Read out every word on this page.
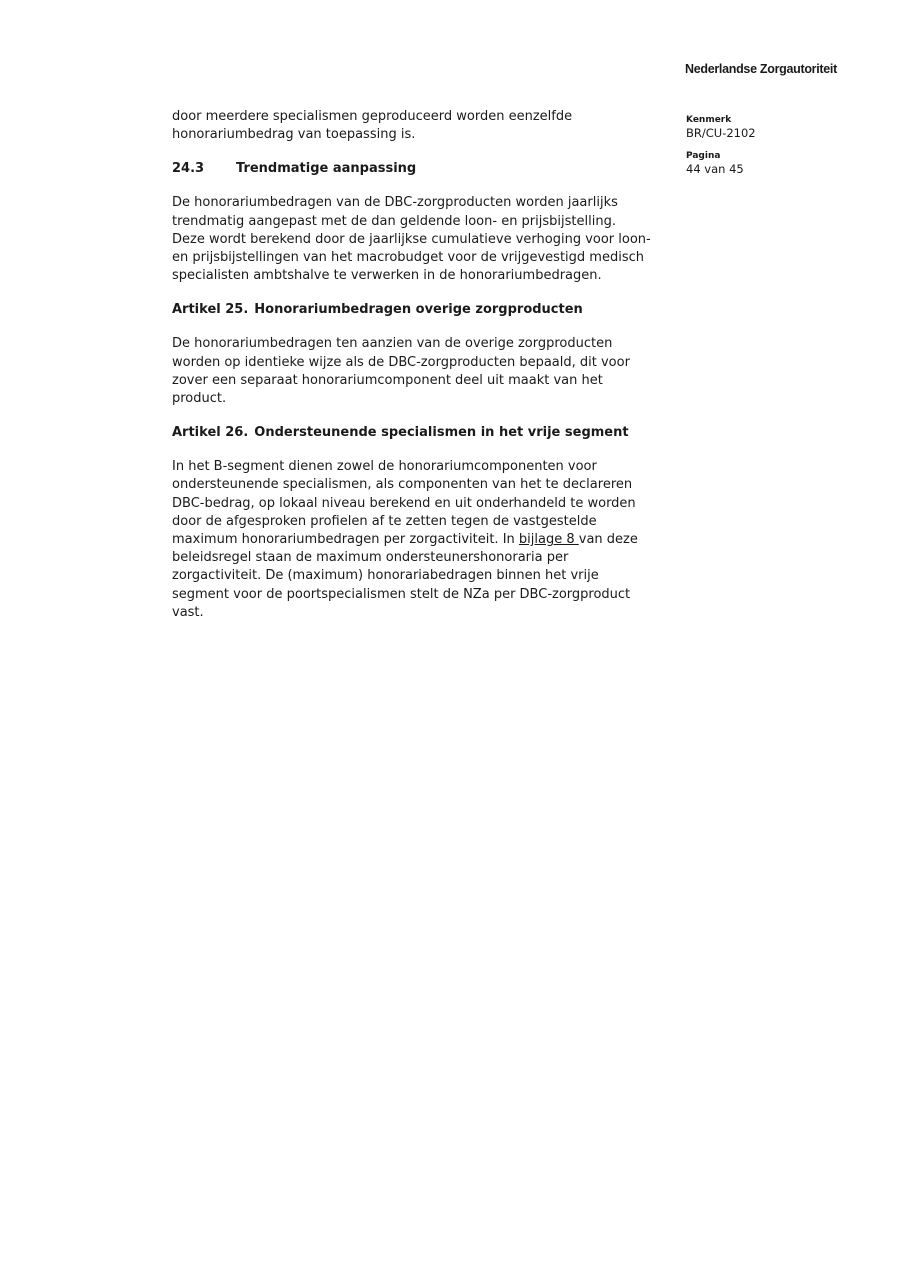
Nederlandse Zorgautoriteit
Kenmerk
BR/CU-2102
Pagina
44 van 45

door meerdere specialismen geproduceerd worden eenzelfde
honorariumbedrag van toepassing is.

24.3 Trendmatige aanpassing

De honorariumbedragen van de DBC-zorgproducten worden jaarlijks
trendmatig aangepast met de dan geldende loon- en prijsbijstelling.
Deze wordt berekend door de jaarlijkse cumulatieve verhoging voor loon-
en prijsbijstellingen van het macrobudget voor de vrijgevestigd medisch
specialisten ambtshalve te verwerken in de honorariumbedragen.

Artikel 25. Honorariumbedragen overige zorgproducten

De honorariumbedragen ten aanzien van de overige zorgproducten
worden op identieke wijze als de DBC-zorgproducten bepaald, dit voor
zover een separaat honorariumcomponent deel uit maakt van het
product.

Artikel 26. Ondersteunende specialismen in het vrije segment

In het B-segment dienen zowel de honorariumcomponenten voor
ondersteunende specialismen, als componenten van het te declareren
DBC-bedrag, op lokaal niveau berekend en uit onderhandeld te worden
door de afgesproken profielen af te zetten tegen de vastgestelde
maximum honorariumbedragen per zorgactiviteit. In bijlage 8 van deze
beleidsregel staan de maximum ondersteunershonoraria per
zorgactiviteit. De (maximum) honorariabedragen binnen het vrije
segment voor de poortspecialismen stelt de NZa per DBC-zorgproduct
vast.
